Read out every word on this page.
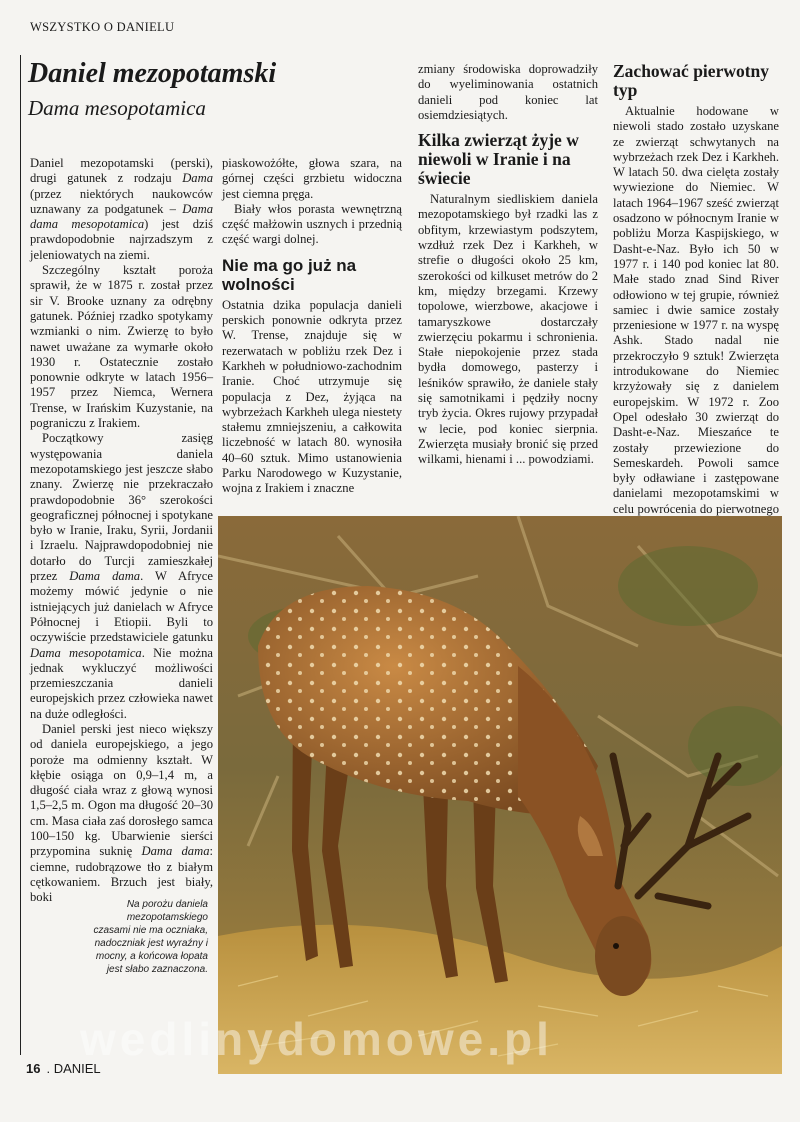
WSZYSTKO O DANIELU
Daniel mezopotamski
Dama mesopotamica

Daniel mezopotamski (perski), drugi gatunek z rodzaju Dama (przez niektórych naukowców uznawany za podgatunek – Dama dama mesopotamica) jest dziś prawdopodobnie najrzadszym z jeleniowatych na ziemi.

Szczególny kształt poroża sprawił, że w 1875 r. został przez sir V. Brooke uznany za odrębny gatunek. Później rzadko spotykamy wzmianki o nim. Zwierzę to było nawet uważane za wymarłe około 1930 r. Ostatecznie zostało ponownie odkryte w latach 1956–1957 przez Niemca, Wernera Trense, w Irańskim Kuzystanie, na pograniczu z Irakiem.

Początkowy zasięg występowania daniela mezopotamskiego jest jeszcze słabo znany. Zwierzę nie przekraczało prawdopodobnie 36° szerokości geograficznej północnej i spotykane było w Iranie, Iraku, Syrii, Jordanii i Izraelu. Najprawdopodobniej nie dotarło do Turcji zamieszkałej przez Dama dama. W Afryce możemy mówić jedynie o nie istniejących już danielach w Afryce Północnej i Etiopii. Byli to oczywiście przedstawiciele gatunku Dama mesopotamica. Nie można jednak wykluczyć możliwości przemieszczania danieli europejskich przez człowieka nawet na duże odległości.

Daniel perski jest nieco większy od daniela europejskiego, a jego poroże ma odmienny kształt. W kłębie osiąga on 0,9–1,4 m, a długość ciała wraz z głową wynosi 1,5–2,5 m. Ogon ma długość 20–30 cm. Masa ciała zaś dorosłego samca 100–150 kg. Ubarwienie sierści przypomina suknię Dama dama: ciemne, rudobrązowe tło z białym cętkowaniem. Brzuch jest biały, boki

piaskowożółte, głowa szara, na górnej części grzbietu widoczna jest ciemna pręga.

Biały włos porasta wewnętrzną część małżowin usznych i przednią część wargi dolnej.

Nie ma go już na wolności

Ostatnia dzika populacja danieli perskich ponownie odkryta przez W. Trense, znajduje się w rezerwatach w pobliżu rzek Dez i Karkheh w południowo-zachodnim Iranie. Choć utrzymuje się populacja z Dez, żyjąca na wybrzeżach Karkheh ulega niestety stałemu zmniejszeniu, a całkowita liczebność w latach 80. wynosiła 40–60 sztuk. Mimo ustanowienia Parku Narodowego w Kuzystanie, wojna z Irakiem i znaczne

zmiany środowiska doprowadziły do wyeliminowania ostatnich danieli pod koniec lat osiemdziesiątych.

Kilka zwierząt żyje w niewoli w Iranie i na świecie

Naturalnym siedliskiem daniela mezopotamskiego był rzadki las z obfitym, krzewiastym podszytem, wzdłuż rzek Dez i Karkheh, w strefie o długości około 25 km, szerokości od kilkuset metrów do 2 km, między brzegami. Krzewy topolowe, wierzbowe, akacjowe i tamaryszkowe dostarczały zwierzęciu pokarmu i schronienia. Stałe niepokojenie przez stada bydła domowego, pasterzy i leśników sprawiło, że daniele stały się samotnikami i pędziły nocny tryb życia. Okres rujowy przypadał w lecie, pod koniec sierpnia. Zwierzęta musiały bronić się przed wilkami, hienami i ... powodziami.

Zachować pierwotny typ

Aktualnie hodowane w niewoli stado zostało uzyskane ze zwierząt schwytanych na wybrzeżach rzek Dez i Karkheh. W latach 50. dwa cielęta zostały wywiezione do Niemiec. W latach 1964–1967 sześć zwierząt osadzono w północnym Iranie w pobliżu Morza Kaspijskiego, w Dasht-e-Naz. Było ich 50 w 1977 r. i 140 pod koniec lat 80. Małe stado znad Sind River odłowiono w tej grupie, również samiec i dwie samice zostały przeniesione w 1977 r. na wyspę Ashk. Stado nadal nie przekroczyło 9 sztuk! Zwierzęta introdukowane do Niemiec krzyżowały się z danielem europejskim. W 1972 r. Zoo Opel odesłało 30 zwierząt do Dasht-e-Naz. Mieszańce te zostały przewiezione do Semeskardeh. Powoli samce były odławiane i zastępowane danielami mezopotamskimi w celu powrócenia do pierwotnego

Na porożu daniela mezopotamskiego czasami nie ma oczniaka, nadoczniak jest wyraźny i mocny, a końcowa łopata jest słabo zaznaczona.
wedlinydomowe.pl
16 . DANIEL
